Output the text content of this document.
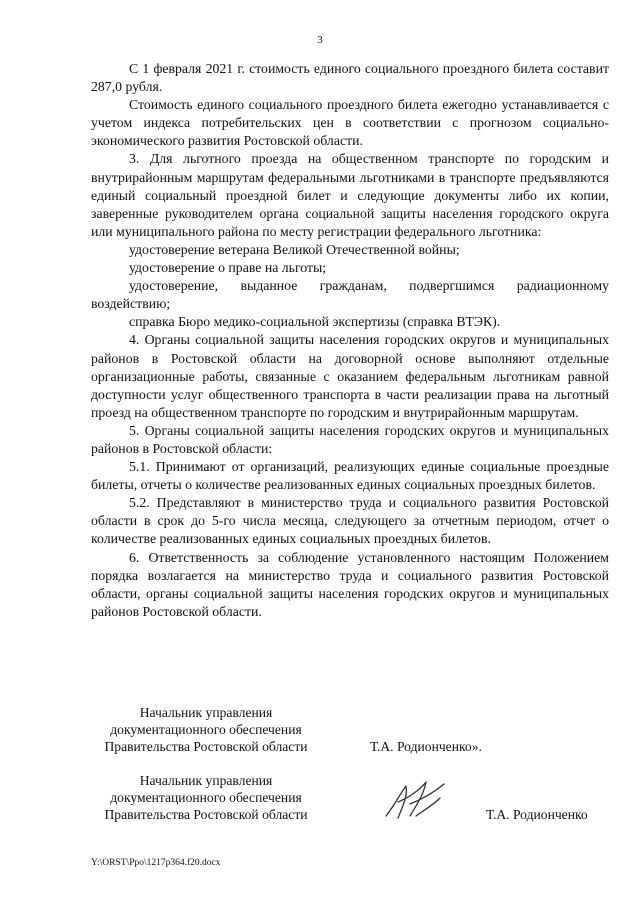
3

С 1 февраля 2021 г. стоимость единого социального проездного билета составит 287,0 рубля.

Стоимость единого социального проездного билета ежегодно устанавливается с учетом индекса потребительских цен в соответствии с прогнозом социально-экономического развития Ростовской области.

3. Для льготного проезда на общественном транспорте по городским и внутрирайонным маршрутам федеральными льготниками в транспорте предъявляются единый социальный проездной билет и следующие документы либо их копии, заверенные руководителем органа социальной защиты населения городского округа или муниципального района по месту регистрации федерального льготника:

удостоверение ветерана Великой Отечественной войны;

удостоверение о праве на льготы;

удостоверение, выданное гражданам, подвергшимся радиационному воздействию;

справка Бюро медико-социальной экспертизы (справка ВТЭК).

4. Органы социальной защиты населения городских округов и муниципальных районов в Ростовской области на договорной основе выполняют отдельные организационные работы, связанные с оказанием федеральным льготникам равной доступности услуг общественного транспорта в части реализации права на льготный проезд на общественном транспорте по городским и внутрирайонным маршрутам.

5. Органы социальной защиты населения городских округов и муниципальных районов в Ростовской области:

5.1. Принимают от организаций, реализующих единые социальные проездные билеты, отчеты о количестве реализованных единых социальных проездных билетов.

5.2. Представляют в министерство труда и социального развития Ростовской области в срок до 5-го числа месяца, следующего за отчетным периодом, отчет о количестве реализованных единых социальных проездных билетов.

6. Ответственность за соблюдение установленного настоящим Положением порядка возлагается на министерство труда и социального развития Ростовской области, органы социальной защиты населения городских округов и муниципальных районов Ростовской области.

Начальник управления
документационного обеспечения
Правительства Ростовской области	Т.А. Родионченко».
Начальник управления
документационного обеспечения
Правительства Ростовской области	Т.А. Родионченко
Y:\ORST\Ppo\1217p364.f20.docx
